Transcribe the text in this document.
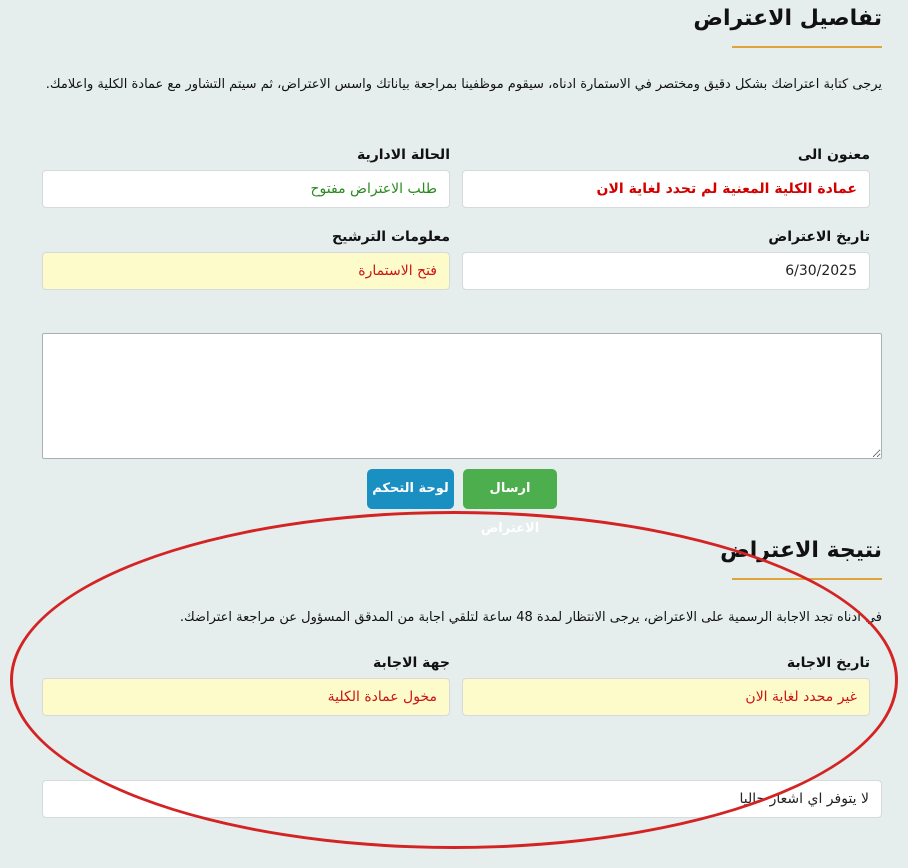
تفاصيل الاعتراض
يرجى كتابة اعتراضك بشكل دقيق ومختصر في الاستمارة ادناه، سيقوم موظفينا بمراجعة بياناتك واسس الاعتراض، ثم سيتم التشاور مع عمادة الكلية واعلامك.
معنون الى
الحالة الادارية
عمادة الكلية المعنية لم تحدد لغاية الان
طلب الاعتراض مفتوح
تاريخ الاعتراض
معلومات الترشيح
6/30/2025
فتح الاستمارة
ارسال الاعتراض
لوحة التحكم
نتيجة الاعتراض
في ادناه تجد الاجابة الرسمية على الاعتراض، يرجى الانتظار لمدة 48 ساعة لتلقي اجابة من المدقق المسؤول عن مراجعة اعتراضك.
تاريخ الاجابة
جهة الاجابة
غير محدد لغاية الان
مخول عمادة الكلية
لا يتوفر اي اشعار حاليا
